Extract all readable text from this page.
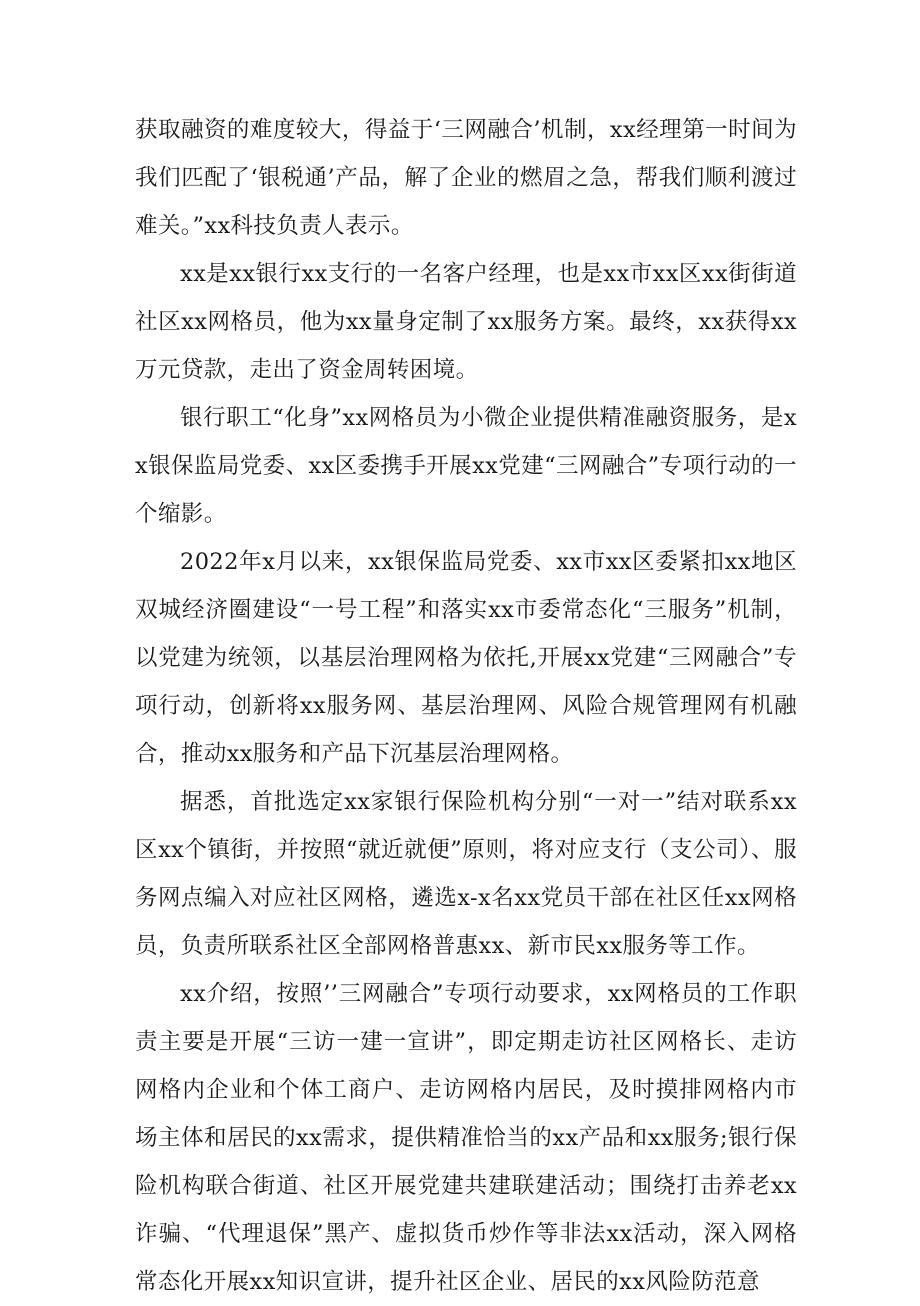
获取融资的难度较大，得益于‘三网融合’机制，xx经理第一时间为我们匹配了‘银税通’产品，解了企业的燃眉之急，帮我们顺利渡过难关。”xx科技负责人表示。

xx是xx银行xx支行的一名客户经理，也是xx市xx区xx街街道社区xx网格员，他为xx量身定制了xx服务方案。最终，xx获得xx万元贷款，走出了资金周转困境。

银行职工“化身”xx网格员为小微企业提供精准融资服务，是xx银保监局党委、xx区委携手开展xx党建“三网融合”专项行动的一个缩影。

2022年x月以来，xx银保监局党委、xx市xx区委紧扣xx地区双城经济圈建设“一号工程”和落实xx市委常态化“三服务”机制，以党建为统领，以基层治理网格为依托,开展xx党建“三网融合”专项行动，创新将xx服务网、基层治理网、风险合规管理网有机融合，推动xx服务和产品下沉基层治理网格。

据悉，首批选定xx家银行保险机构分别“一对一”结对联系xx区xx个镇街，并按照“就近就便”原则，将对应支行（支公司）、服务网点编入对应社区网格，遴选x-x名xx党员干部在社区任xx网格员，负责所联系社区全部网格普惠xx、新市民xx服务等工作。

xx介绍，按照’’三网融合”专项行动要求，xx网格员的工作职责主要是开展“三访一建一宣讲”，即定期走访社区网格长、走访网格内企业和个体工商户、走访网格内居民，及时摸排网格内市场主体和居民的xx需求，提供精准恰当的xx产品和xx服务;银行保险机构联合街道、社区开展党建共建联建活动；围绕打击养老xx诈骗、“代理退保”黑产、虚拟货币炒作等非法xx活动，深入网格常态化开展xx知识宣讲，提升社区企业、居民的xx风险防范意
